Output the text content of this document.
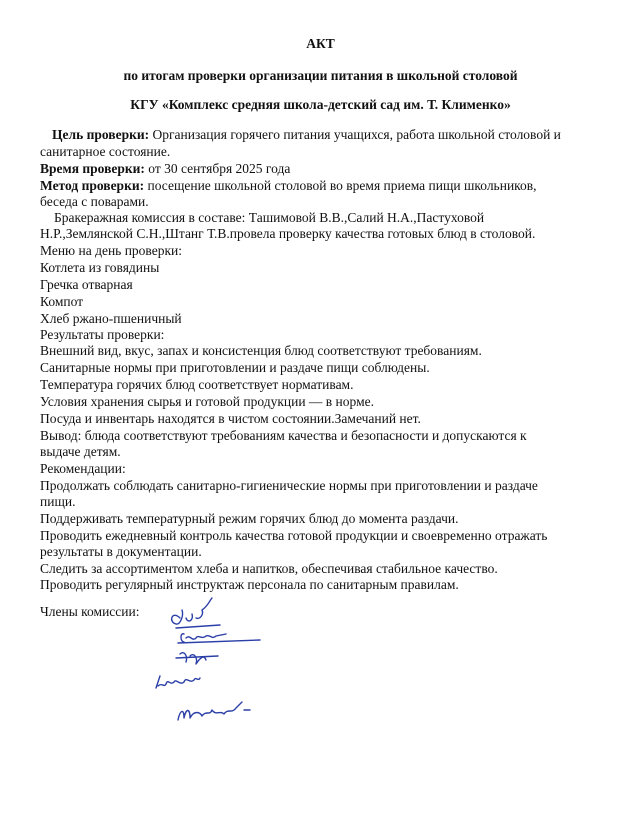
АКТ
по итогам проверки организации питания в школьной столовой
КГУ «Комплекс средняя школа-детский сад им. Т. Клименко»
Цель проверки: Организация горячего питания учащихся, работа школьной столовой и
санитарное состояние.
Время проверки: от 30 сентября 2025 года
Метод проверки: посещение школьной столовой во время приема пищи школьников,
беседа с поварами.
Бракеражная комиссия в составе: Ташимовой В.В.,Салий Н.А.,Пастуховой
Н.Р.,Землянской С.Н.,Штанг Т.В.провела проверку качества готовых блюд в столовой.
Меню на день проверки:
Котлета из говядины
Гречка отварная
Компот
Хлеб ржано-пшеничный
Результаты проверки:
Внешний вид, вкус, запах и консистенция блюд соответствуют требованиям.
Санитарные нормы при приготовлении и раздаче пищи соблюдены.
Температура горячих блюд соответствует нормативам.
Условия хранения сырья и готовой продукции — в норме.
Посуда и инвентарь находятся в чистом состоянии.Замечаний нет.
Вывод: блюда соответствуют требованиям качества и безопасности и допускаются к
выдаче детям.
Рекомендации:
Продолжать соблюдать санитарно-гигиенические нормы при приготовлении и раздаче
пищи.
Поддерживать температурный режим горячих блюд до момента раздачи.
Проводить ежедневный контроль качества готовой продукции и своевременно отражать
результаты в документации.
Следить за ассортиментом хлеба и напитков, обеспечивая стабильное качество.
Проводить регулярный инструктаж персонала по санитарным правилам.
Члены комиссии:
